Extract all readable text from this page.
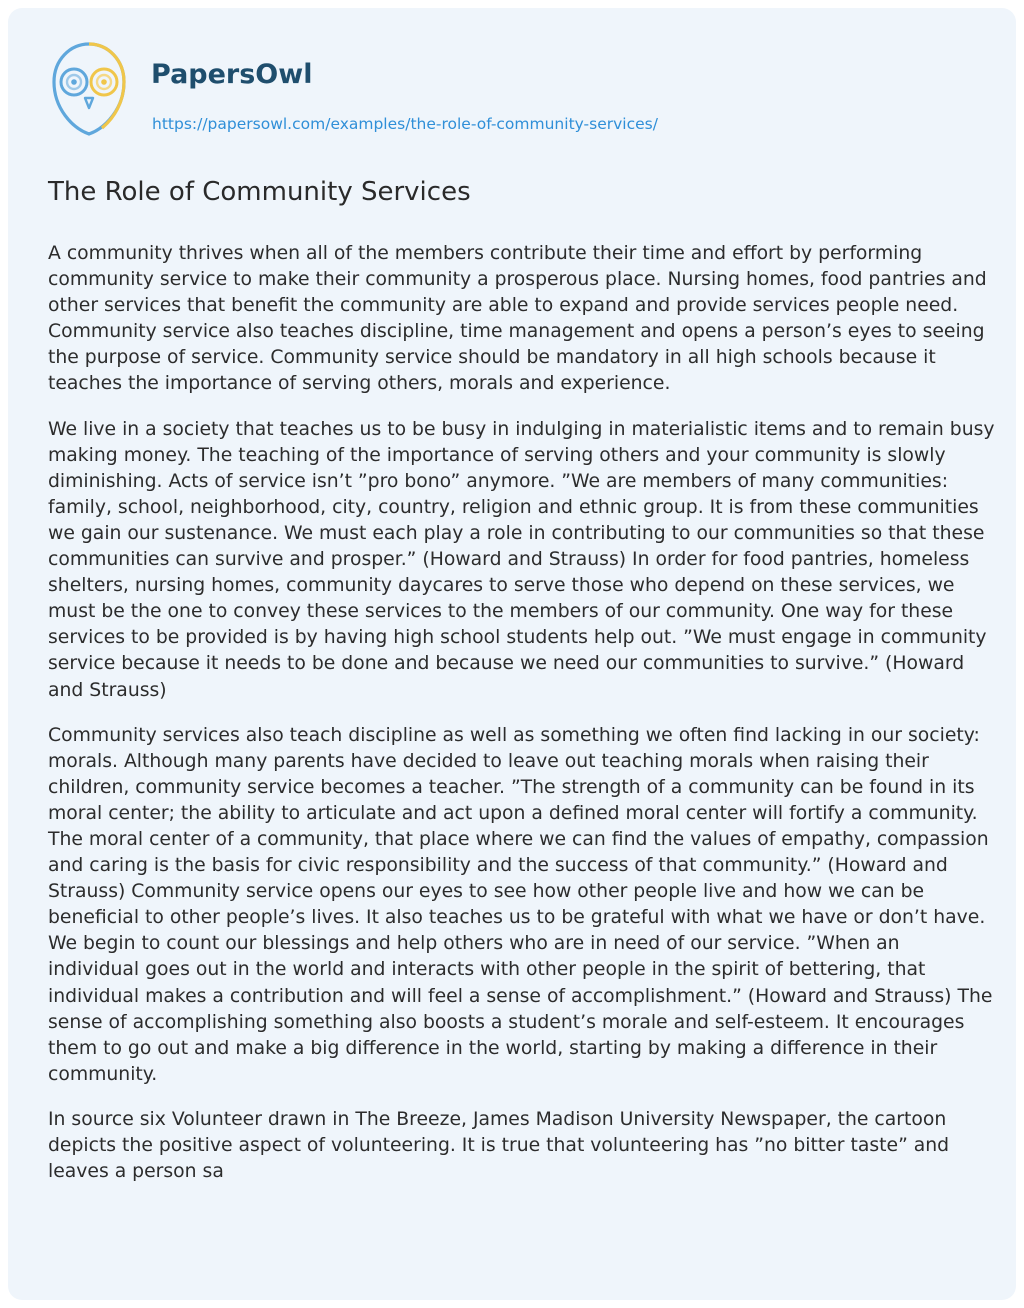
PapersOwl
https://papersowl.com/examples/the-role-of-community-services/
The Role of Community Services

A community thrives when all of the members contribute their time and effort by performing community service to make their community a prosperous place. Nursing homes, food pantries and other services that benefit the community are able to expand and provide services people need. Community service also teaches discipline, time management and opens a person’s eyes to seeing the purpose of service. Community service should be mandatory in all high schools because it teaches the importance of serving others, morals and experience.

We live in a society that teaches us to be busy in indulging in materialistic items and to remain busy making money. The teaching of the importance of serving others and your community is slowly diminishing. Acts of service isn’t ”pro bono” anymore. ”We are members of many communities: family, school, neighborhood, city, country, religion and ethnic group. It is from these communities we gain our sustenance. We must each play a role in contributing to our communities so that these communities can survive and prosper.” (Howard and Strauss) In order for food pantries, homeless shelters, nursing homes, community daycares to serve those who depend on these services, we must be the one to convey these services to the members of our community. One way for these services to be provided is by having high school students help out. ”We must engage in community service because it needs to be done and because we need our communities to survive.” (Howard and Strauss)

Community services also teach discipline as well as something we often find lacking in our society: morals. Although many parents have decided to leave out teaching morals when raising their children, community service becomes a teacher. ”The strength of a community can be found in its moral center; the ability to articulate and act upon a defined moral center will fortify a community. The moral center of a community, that place where we can find the values of empathy, compassion and caring is the basis for civic responsibility and the success of that community.” (Howard and Strauss) Community service opens our eyes to see how other people live and how we can be beneficial to other people’s lives. It also teaches us to be grateful with what we have or don’t have. We begin to count our blessings and help others who are in need of our service. ”When an individual goes out in the world and interacts with other people in the spirit of bettering, that individual makes a contribution and will feel a sense of accomplishment.” (Howard and Strauss) The sense of accomplishing something also boosts a student’s morale and self-esteem. It encourages them to go out and make a big difference in the world, starting by making a difference in their community.

In source six Volunteer drawn in The Breeze, James Madison University Newspaper, the cartoon depicts the positive aspect of volunteering. It is true that volunteering has ”no bitter taste” and leaves a person sa
